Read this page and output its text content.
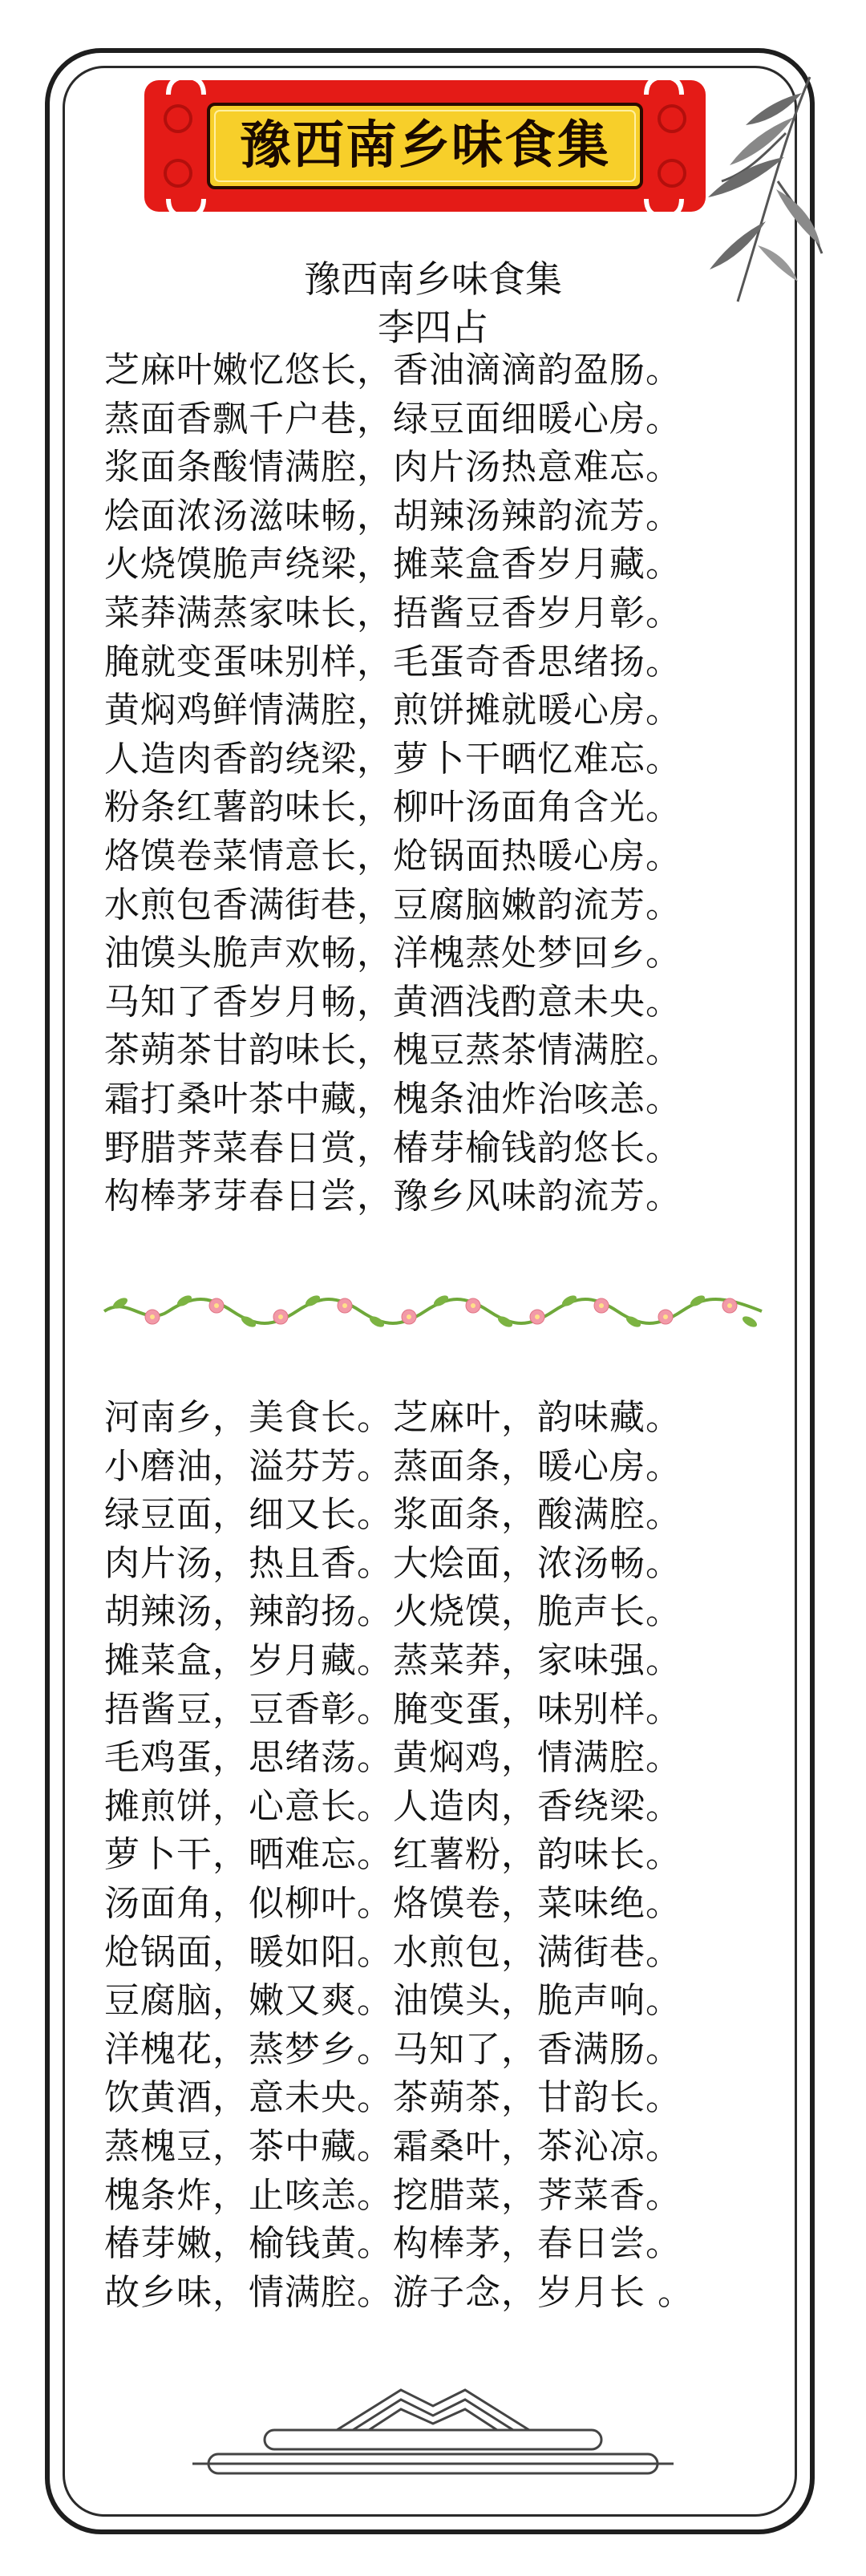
豫西南乡味食集
豫西南乡味食集
李四占
芝麻叶嫩忆悠长，香油滴滴韵盈肠。
蒸面香飘千户巷，绿豆面细暖心房。
浆面条酸情满腔，肉片汤热意难忘。
烩面浓汤滋味畅，胡辣汤辣韵流芳。
火烧馍脆声绕梁，摊菜盒香岁月藏。
菜莽满蒸家味长，捂酱豆香岁月彰。
腌就变蛋味别样，毛蛋奇香思绪扬。
黄焖鸡鲜情满腔，煎饼摊就暖心房。
人造肉香韵绕梁，萝卜干晒忆难忘。
粉条红薯韵味长，柳叶汤面角含光。
烙馍卷菜情意长，炝锅面热暖心房。
水煎包香满街巷，豆腐脑嫩韵流芳。
油馍头脆声欢畅，洋槐蒸处梦回乡。
马知了香岁月畅，黄酒浅酌意未央。
茶蒴茶甘韵味长，槐豆蒸茶情满腔。
霜打桑叶茶中藏，槐条油炸治咳恙。
野腊荠菜春日赏，椿芽榆钱韵悠长。
构棒茅芽春日尝，豫乡风味韵流芳。
河南乡，美食长。芝麻叶，韵味藏。
小磨油，溢芬芳。蒸面条，暖心房。
绿豆面，细又长。浆面条，酸满腔。
肉片汤，热且香。大烩面，浓汤畅。
胡辣汤，辣韵扬。火烧馍，脆声长。
摊菜盒，岁月藏。蒸菜莽，家味强。
捂酱豆，豆香彰。腌变蛋，味别样。
毛鸡蛋，思绪荡。黄焖鸡，情满腔。
摊煎饼，心意长。人造肉，香绕梁。
萝卜干，晒难忘。红薯粉，韵味长。
汤面角，似柳叶。烙馍卷，菜味绝。
炝锅面，暖如阳。水煎包，满街巷。
豆腐脑，嫩又爽。油馍头，脆声响。
洋槐花，蒸梦乡。马知了，香满肠。
饮黄酒，意未央。茶蒴茶，甘韵长。
蒸槐豆，茶中藏。霜桑叶，茶沁凉。
槐条炸，止咳恙。挖腊菜，荠菜香。
椿芽嫩，榆钱黄。构棒茅，春日尝。
故乡味，情满腔。游子念，岁月长 。
